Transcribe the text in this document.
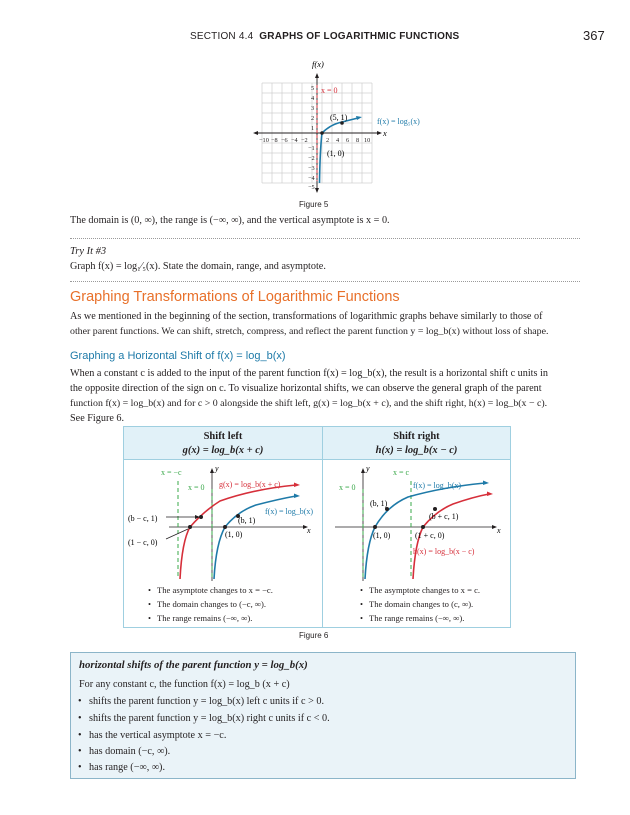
SECTION 4.4 GRAPHS OF LOGARITHMIC FUNCTIONS	367
−10 −8 −6 −4 −2	2 4 6 8 10
5
4
3
2
1
−1
−2
−3
−4
−5
f(x)
x
x = 0
f(x) = log₅(x)
(5, 1)
(1, 0)
Figure 5
The domain is (0, ∞), the range is (−∞, ∞), and the vertical asymptote is x = 0.
Try It #3
Graph f(x) = log₁⁄₅(x). State the domain, range, and asymptote.
Graphing Transformations of Logarithmic Functions
As we mentioned in the beginning of the section, transformations of logarithmic graphs behave similarly to those of
other parent functions. We can shift, stretch, compress, and reflect the parent function y = log_b(x) without loss of shape.
Graphing a Horizontal Shift of f(x) = log_b(x)
When a constant c is added to the input of the parent function f(x) = log_b(x), the result is a horizontal shift c units in
the opposite direction of the sign on c. To visualize horizontal shifts, we can observe the general graph of the parent
function f(x) = log_b(x) and for c > 0 alongside the shift left, g(x) = log_b(x + c), and the shift right, h(x) = log_b(x − c).
See Figure 6.
Shift left
g(x) = log_b(x + c)
Shift right
h(x) = log_b(x − c)
y
x
x = −c
x = 0 g(x) = log_b(x + c)
f(x) = log_b(x)
(b, 1)
(1, 0)
(b − c, 1)
(1 − c, 0)
y
x
x = 0
x = c
f(x) = log_b(x)
(b, 1)
(b + c, 1)
(1, 0)	(1 + c, 0)
h(x) = log_b(x − c)
• The asymptote changes to x = −c.
• The domain changes to (−c, ∞).
• The range remains (−∞, ∞).
• The asymptote changes to x = c.
• The domain changes to (c, ∞).
• The range remains (−∞, ∞).
Figure 6
horizontal shifts of the parent function y = log_b(x)
For any constant c, the function f(x) = log_b (x + c)
• shifts the parent function y = log_b(x) left c units if c > 0.
• shifts the parent function y = log_b(x) right c units if c < 0.
• has the vertical asymptote x = −c.
• has domain (−c, ∞).
• has range (−∞, ∞).
